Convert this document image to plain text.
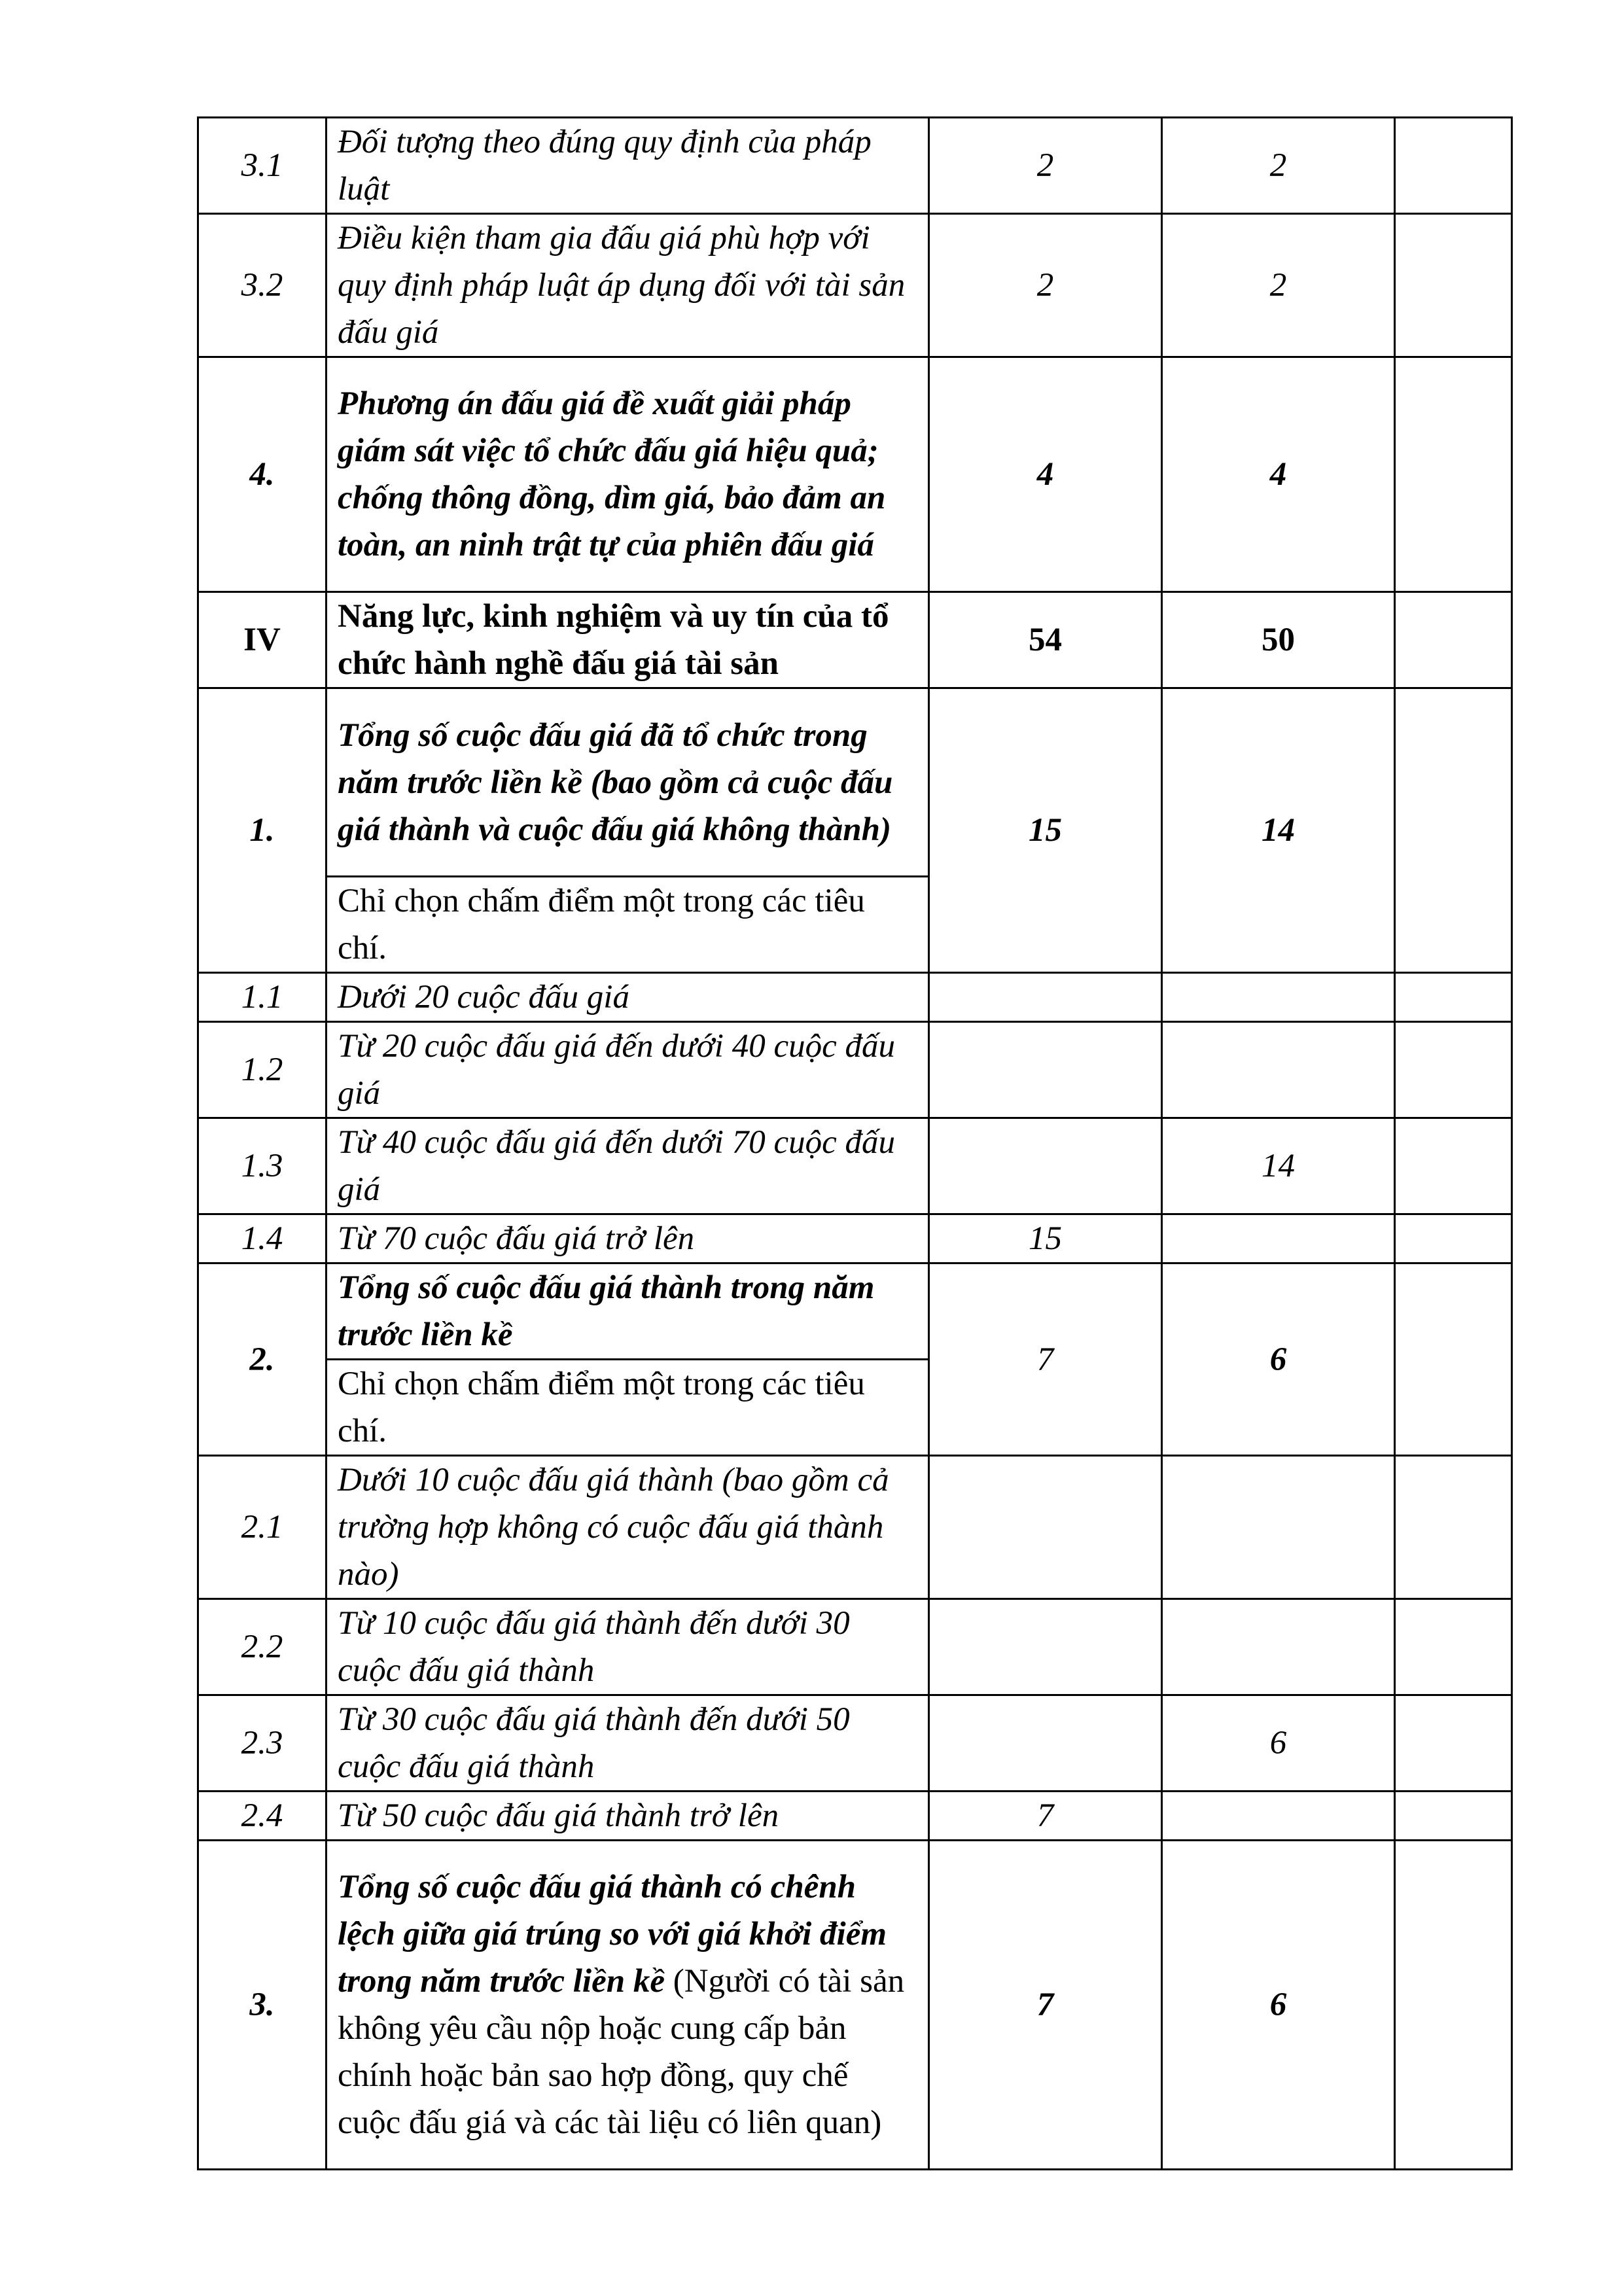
3.1	Đối tượng theo đúng quy định của pháp luật	2	2	
3.2	Điều kiện tham gia đấu giá phù hợp với quy định pháp luật áp dụng đối với tài sản đấu giá	2	2	
4.	Phương án đấu giá đề xuất giải pháp giám sát việc tổ chức đấu giá hiệu quả; chống thông đồng, dìm giá, bảo đảm an toàn, an ninh trật tự của phiên đấu giá	4	4	
IV	Năng lực, kinh nghiệm và uy tín của tổ chức hành nghề đấu giá tài sản	54	50	
1.	Tổng số cuộc đấu giá đã tổ chức trong năm trước liền kề (bao gồm cả cuộc đấu giá thành và cuộc đấu giá không thành)	15	14	
	Chỉ chọn chấm điểm một trong các tiêu chí.			
1.1	Dưới 20 cuộc đấu giá			
1.2	Từ 20 cuộc đấu giá đến dưới 40 cuộc đấu giá			
1.3	Từ 40 cuộc đấu giá đến dưới 70 cuộc đấu giá		14	
1.4	Từ 70 cuộc đấu giá trở lên	15		
2.	Tổng số cuộc đấu giá thành trong năm trước liền kề	7	6	
	Chỉ chọn chấm điểm một trong các tiêu chí.			
2.1	Dưới 10 cuộc đấu giá thành (bao gồm cả trường hợp không có cuộc đấu giá thành nào)			
2.2	Từ 10 cuộc đấu giá thành đến dưới 30 cuộc đấu giá thành			
2.3	Từ 30 cuộc đấu giá thành đến dưới 50 cuộc đấu giá thành		6	
2.4	Từ 50 cuộc đấu giá thành trở lên	7		
3.	Tổng số cuộc đấu giá thành có chênh lệch giữa giá trúng so với giá khởi điểm trong năm trước liền kề (Người có tài sản không yêu cầu nộp hoặc cung cấp bản chính hoặc bản sao hợp đồng, quy chế cuộc đấu giá và các tài liệu có liên quan)	7	6	
